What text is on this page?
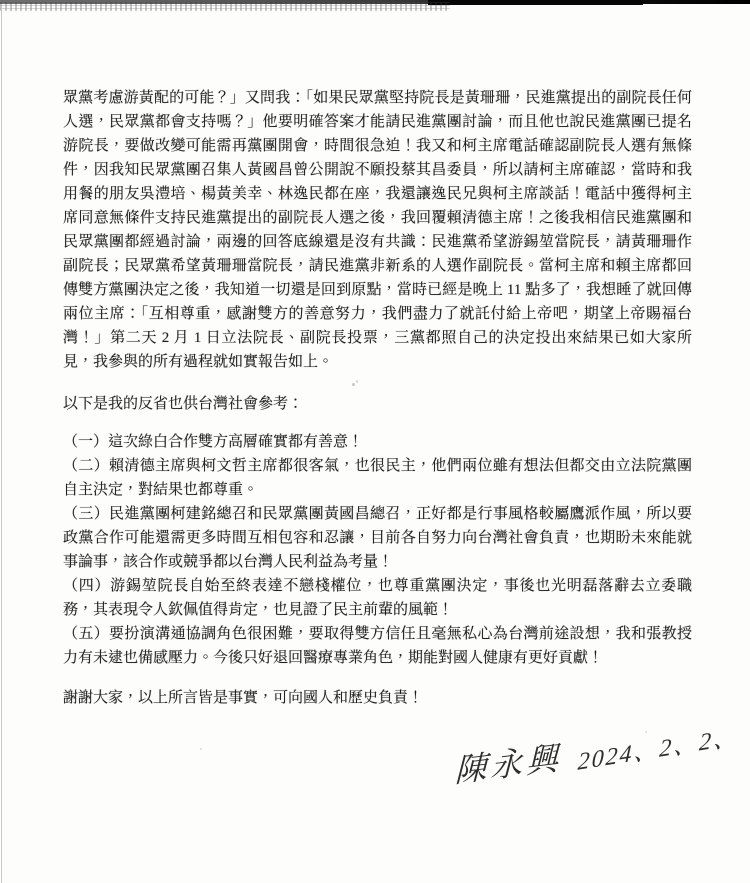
眾黨考慮游黃配的可能？」又問我：「如果民眾黨堅持院長是黃珊珊，民進黨提出的副院長任何人選，民眾黨都會支持嗎？」他要明確答案才能請民進黨團討論，而且他也說民進黨團已提名游院長，要做改變可能需再黨團開會，時間很急迫！我又和柯主席電話確認副院長人選有無條件，因我知民眾黨團召集人黃國昌曾公開說不願投蔡其昌委員，所以請柯主席確認，當時和我用餐的朋友吳澧培、楊黃美幸、林逸民都在座，我還讓逸民兄與柯主席談話！電話中獲得柯主席同意無條件支持民進黨提出的副院長人選之後，我回覆賴清德主席！之後我相信民進黨團和民眾黨團都經過討論，兩邊的回答底線還是沒有共識：民進黨希望游錫堃當院長，請黃珊珊作副院長；民眾黨希望黃珊珊當院長，請民進黨非新系的人選作副院長。當柯主席和賴主席都回傳雙方黨團決定之後，我知道一切還是回到原點，當時已經是晚上 11 點多了，我想睡了就回傳兩位主席：「互相尊重，感謝雙方的善意努力，我們盡力了就託付給上帝吧，期望上帝賜福台灣！」第二天 2 月 1 日立法院長、副院長投票，三黨都照自己的決定投出來結果已如大家所見，我參與的所有過程就如實報告如上。

以下是我的反省也供台灣社會參考：

（一）這次綠白合作雙方高層確實都有善意！

（二）賴清德主席與柯文哲主席都很客氣，也很民主，他們兩位雖有想法但都交由立法院黨團自主決定，對結果也都尊重。

（三）民進黨團柯建銘總召和民眾黨團黃國昌總召，正好都是行事風格較屬鷹派作風，所以要政黨合作可能還需更多時間互相包容和忍讓，目前各自努力向台灣社會負責，也期盼未來能就事論事，該合作或競爭都以台灣人民利益為考量！

（四）游錫堃院長自始至終表達不戀棧權位，也尊重黨團決定，事後也光明磊落辭去立委職務，其表現令人欽佩值得肯定，也見證了民主前輩的風範！

（五）要扮演溝通協調角色很困難，要取得雙方信任且毫無私心為台灣前途設想，我和張教授力有未逮也備感壓力。今後只好退回醫療專業角色，期能對國人健康有更好貢獻！

謝謝大家，以上所言皆是事實，可向國人和歷史負責！

陳永興 2024、2、2、
